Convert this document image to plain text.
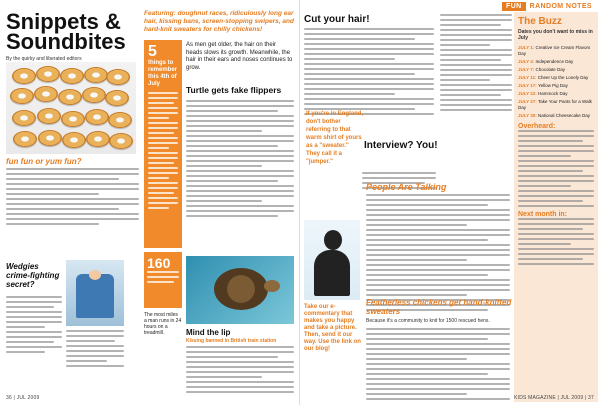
Snippets & Soundbites
By the quirky and liberated editors
fun fun or yum fun?
Wedgies crime-fighting secret?
Featuring: doughnut races, ridiculously long ear hair, kissing bans, screen-stopping swipers, and hard-knit sweaters for chilly chickens!
5
things to remember this 4th of July
As men get older, the hair on their heads slows its growth. Meanwhile, the hair in their ears and noses continues to grow.
Turtle gets fake flippers
160
The most miles a man runs in 24 hours on a treadmill.	Mind the lip
Kissing banned in British train station
36 | JUL 2009
FUN	RANDOM NOTES
Cut your hair!
If you're in England, don't bother referring to that warm shirt of yours as a "sweater." They call it a "jumper."
Interview? You!
People Are Talking
Take our e-commentary that makes you happy and take a picture. Then, send it our way. Use the link on our blog!
Featherless chickens get hand-knitted sweaters
Because it's a community to knit for 1500 rescued hens.
The Buzz
Dates you don't want to miss in July
JULY 1: Creative Ice Cream Flavors Day
JULY 4: Independence Day
JULY 7: Chocolate Day
JULY 11: Cheer Up the Lonely Day
JULY 17: Yellow Pig Day
JULY 22: Hammock Day
JULY 27: Take Your Pants for a Walk Day
JULY 30: National Cheesecake Day
Overheard:
Next month in:
KIDS MAGAZINE | JUL 2009 | 37
